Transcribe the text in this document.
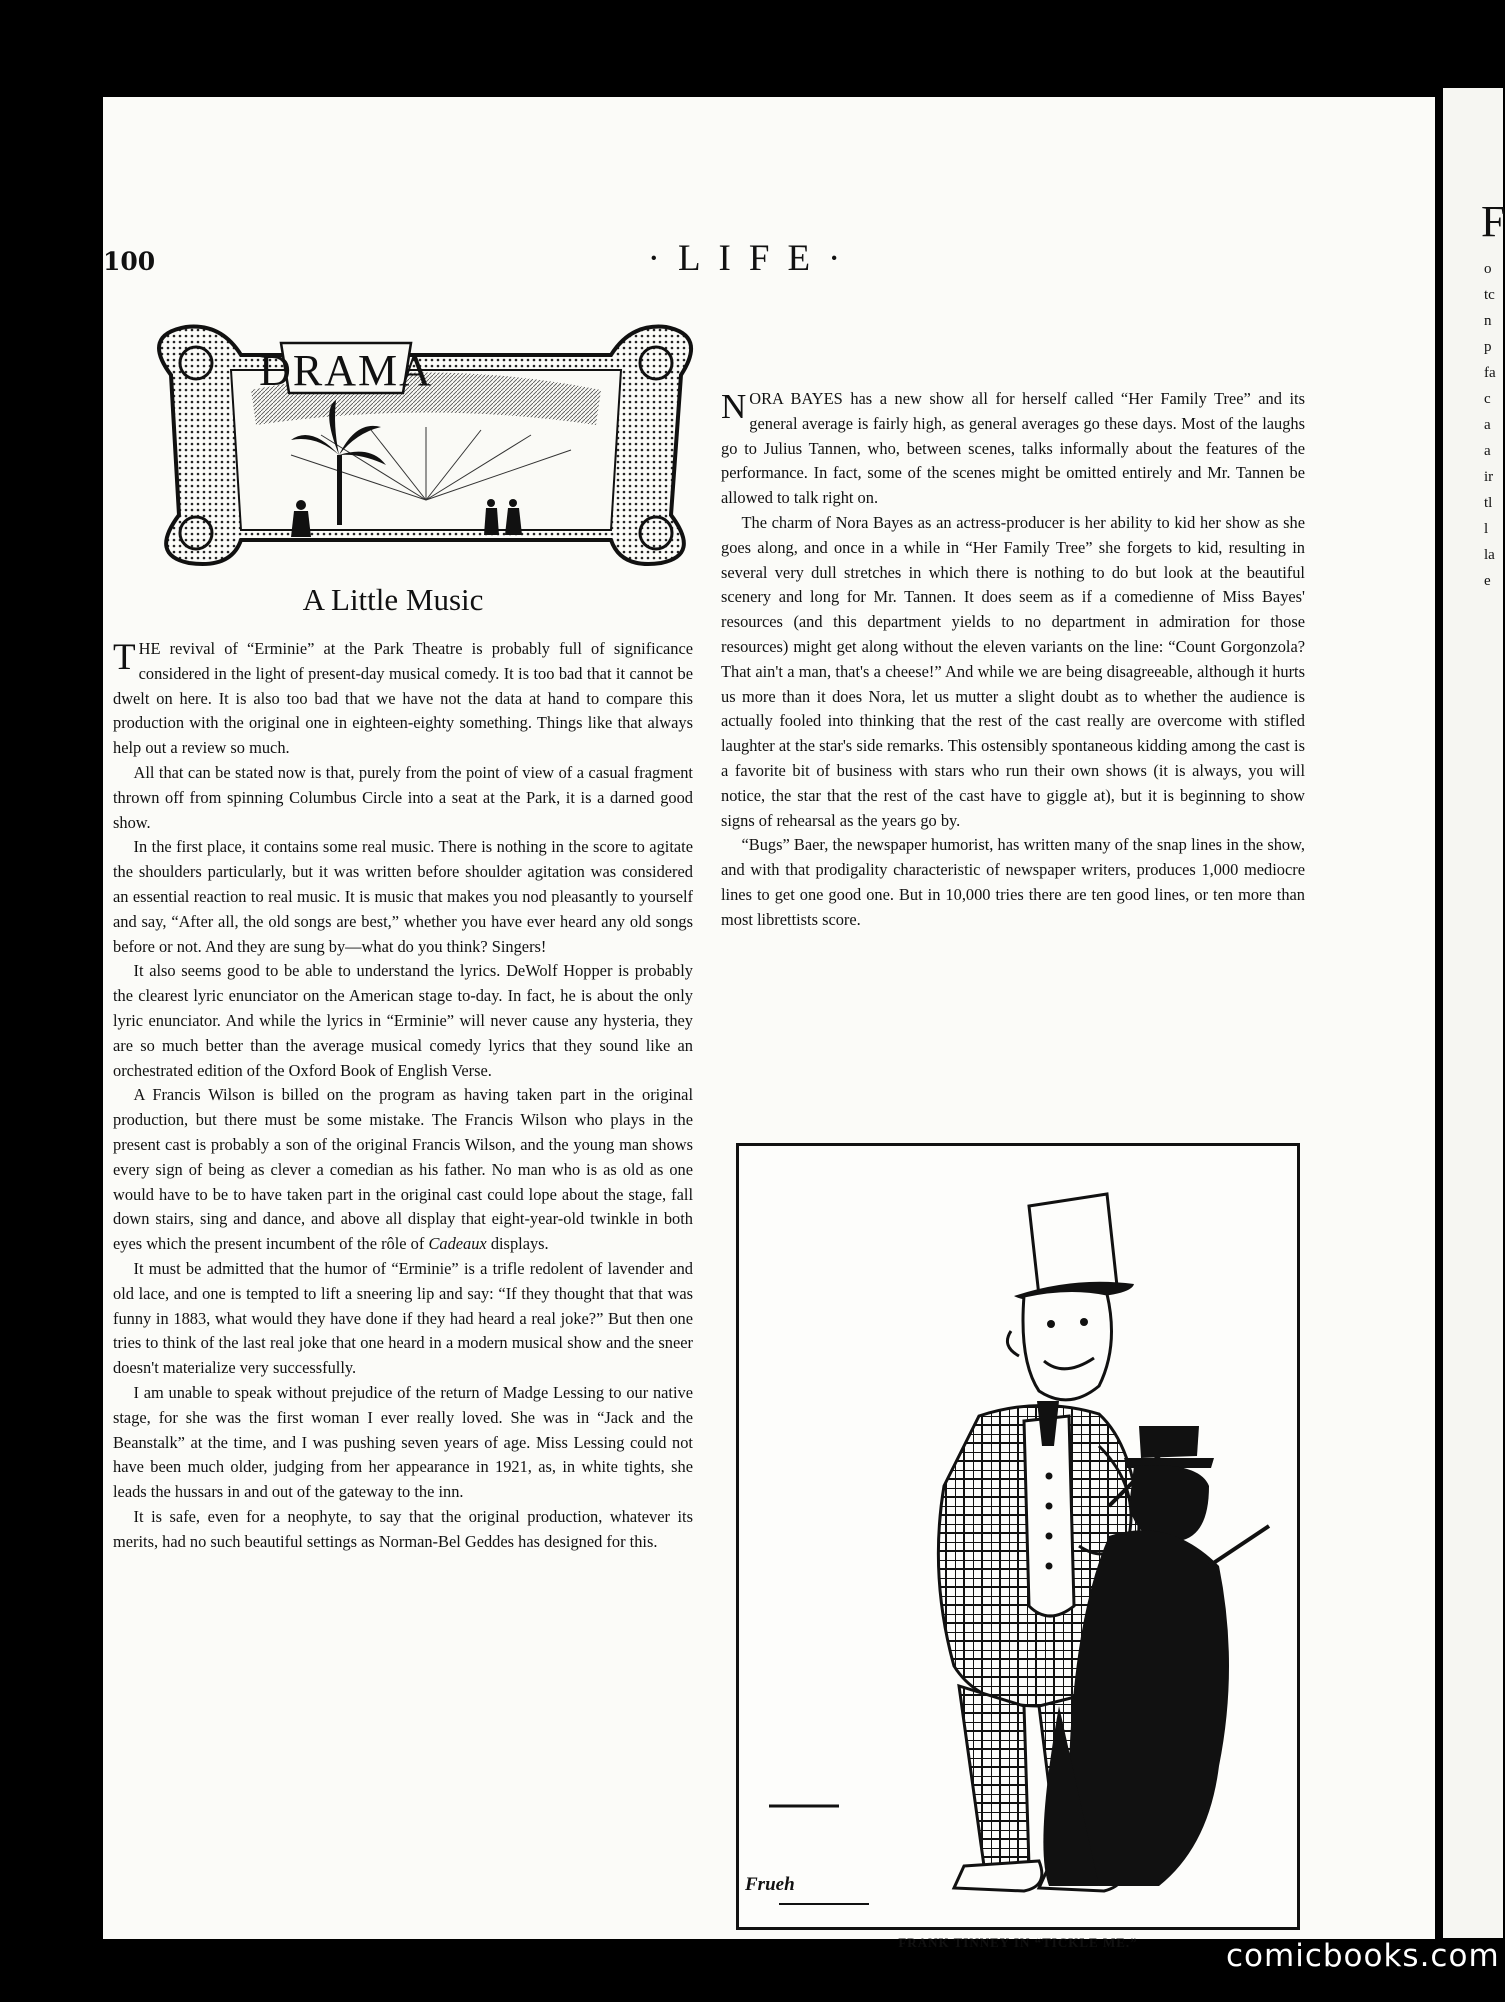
100	·LIFE·
DRAMA
A Little Music

THE revival of “Erminie” at the Park Theatre is probably full of significance considered in the light of present-day musical comedy. It is too bad that it cannot be dwelt on here. It is also too bad that we have not the data at hand to compare this production with the original one in eighteen-eighty something. Things like that always help out a review so much.

All that can be stated now is that, purely from the point of view of a casual fragment thrown off from spinning Columbus Circle into a seat at the Park, it is a darned good show.

In the first place, it contains some real music. There is nothing in the score to agitate the shoulders particularly, but it was written before shoulder agitation was considered an essential reaction to real music. It is music that makes you nod pleasantly to yourself and say, “After all, the old songs are best,” whether you have ever heard any old songs before or not. And they are sung by—what do you think? Singers!

It also seems good to be able to understand the lyrics. DeWolf Hopper is probably the clearest lyric enunciator on the American stage to-day. In fact, he is about the only lyric enunciator. And while the lyrics in “Erminie” will never cause any hysteria, they are so much better than the average musical comedy lyrics that they sound like an orchestrated edition of the Oxford Book of English Verse.

A Francis Wilson is billed on the program as having taken part in the original production, but there must be some mistake. The Francis Wilson who plays in the present cast is probably a son of the original Francis Wilson, and the young man shows every sign of being as clever a comedian as his father. No man who is as old as one would have to be to have taken part in the original cast could lope about the stage, fall down stairs, sing and dance, and above all display that eight-year-old twinkle in both eyes which the present incumbent of the rôle of Cadeaux displays.

It must be admitted that the humor of “Erminie” is a trifle redolent of lavender and old lace, and one is tempted to lift a sneering lip and say: “If they thought that that was funny in 1883, what would they have done if they had heard a real joke?” But then one tries to think of the last real joke that one heard in a modern musical show and the sneer doesn't materialize very successfully.

I am unable to speak without prejudice of the return of Madge Lessing to our native stage, for she was the first woman I ever really loved. She was in “Jack and the Beanstalk” at the time, and I was pushing seven years of age. Miss Lessing could not have been much older, judging from her appearance in 1921, as, in white tights, she leads the hussars in and out of the gateway to the inn.

It is safe, even for a neophyte, to say that the original production, whatever its merits, had no such beautiful settings as Norman-Bel Geddes has designed for this.

NORA BAYES has a new show all for herself called “Her Family Tree” and its general average is fairly high, as general averages go these days. Most of the laughs go to Julius Tannen, who, between scenes, talks informally about the features of the performance. In fact, some of the scenes might be omitted entirely and Mr. Tannen be allowed to talk right on.

The charm of Nora Bayes as an actress-producer is her ability to kid her show as she goes along, and once in a while in “Her Family Tree” she forgets to kid, resulting in several very dull stretches in which there is nothing to do but look at the beautiful scenery and long for Mr. Tannen. It does seem as if a comedienne of Miss Bayes' resources (and this department yields to no department in admiration for those resources) might get along without the eleven variants on the line: “Count Gorgonzola? That ain't a man, that's a cheese!” And while we are being disagreeable, although it hurts us more than it does Nora, let us mutter a slight doubt as to whether the audience is actually fooled into thinking that the rest of the cast really are overcome with stifled laughter at the star's side remarks. This ostensibly spontaneous kidding among the cast is a favorite bit of business with stars who run their own shows (it is always, you will notice, the star that the rest of the cast have to giggle at), but it is beginning to show signs of rehearsal as the years go by.

“Bugs” Baer, the newspaper humorist, has written many of the snap lines in the show, and with that prodigality characteristic of newspaper writers, produces 1,000 mediocre lines to get one good one. But in 10,000 tries there are ten good lines, or ten more than most librettists score.

Frueh
FRANK TINNEY IN “TICKLE ME.”
F
o
tc
n
p
fa
c
a
a
ir
tl
l
la
e
comicbooks.com
